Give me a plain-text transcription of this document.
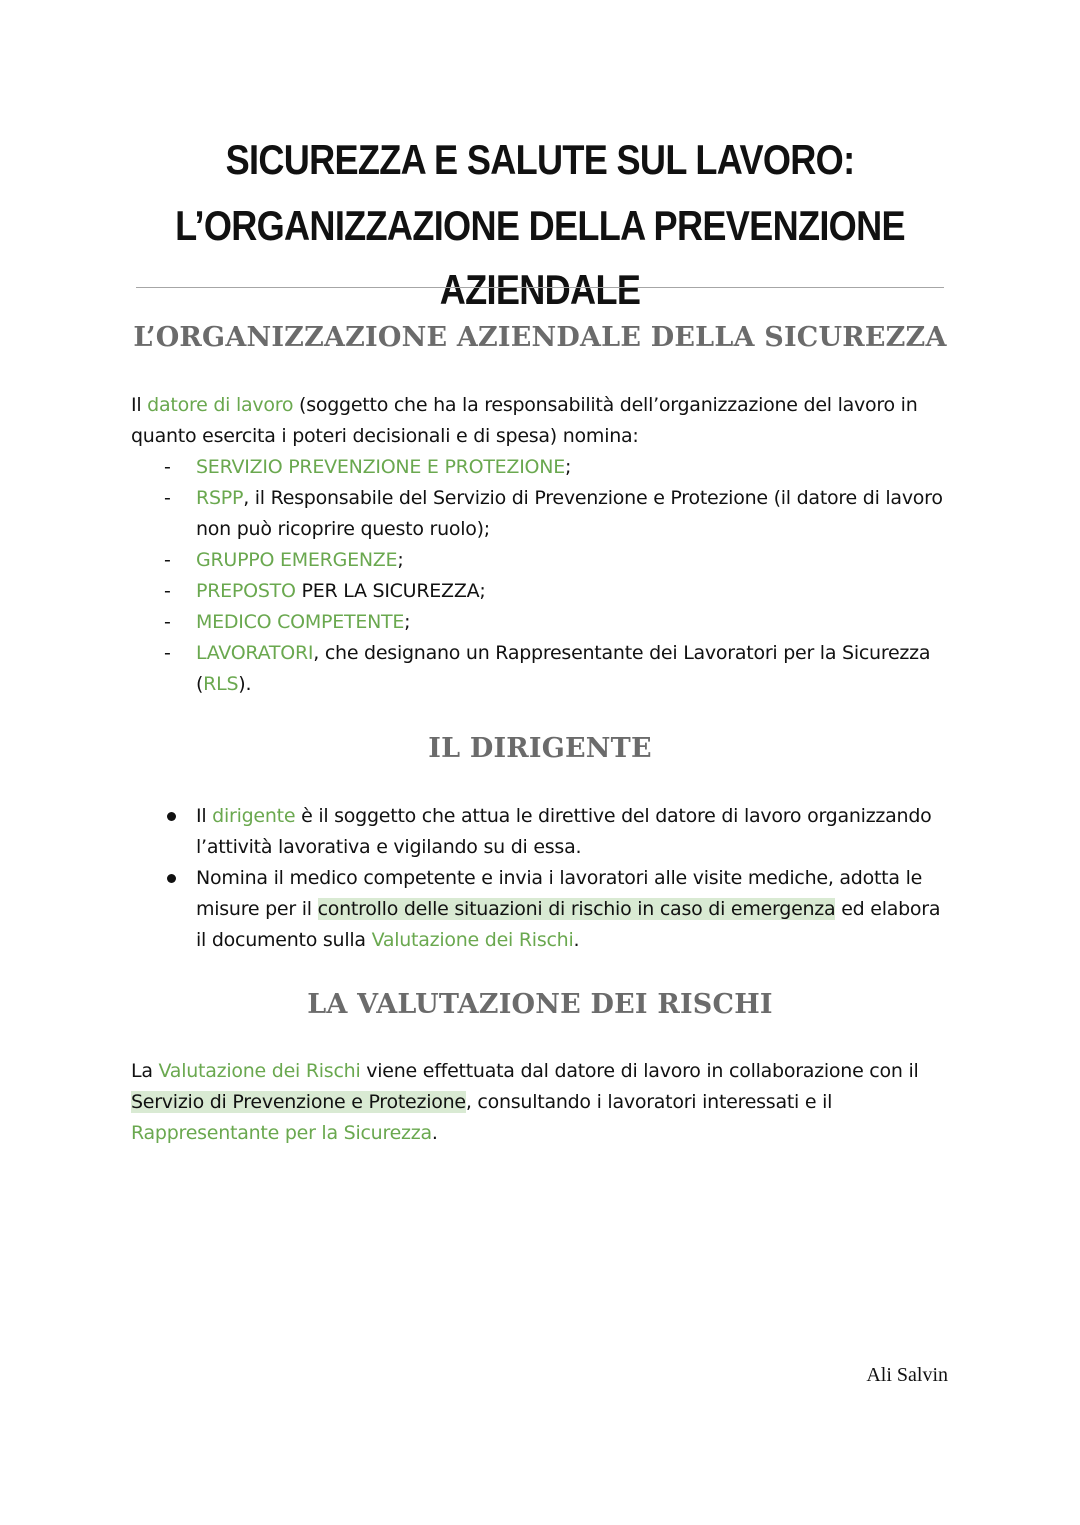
SICUREZZA E SALUTE SUL LAVORO:
L’ORGANIZZAZIONE DELLA PREVENZIONE AZIENDALE
L’ORGANIZZAZIONE AZIENDALE DELLA SICUREZZA

Il datore di lavoro (soggetto che ha la responsabilità dell’organizzazione del lavoro in quanto esercita i poteri decisionali e di spesa) nomina:

- SERVIZIO PREVENZIONE E PROTEZIONE;
- RSPP, il Responsabile del Servizio di Prevenzione e Protezione (il datore di lavoro non può ricoprire questo ruolo);
- GRUPPO EMERGENZE;
- PREPOSTO PER LA SICUREZZA;
- MEDICO COMPETENTE;
- LAVORATORI, che designano un Rappresentante dei Lavoratori per la Sicurezza (RLS).
IL DIRIGENTE
Il dirigente è il soggetto che attua le direttive del datore di lavoro organizzando l’attività lavorativa e vigilando su di essa.
Nomina il medico competente e invia i lavoratori alle visite mediche, adotta le misure per il controllo delle situazioni di rischio in caso di emergenza ed elabora il documento sulla Valutazione dei Rischi.
LA VALUTAZIONE DEI RISCHI

La Valutazione dei Rischi viene effettuata dal datore di lavoro in collaborazione con il Servizio di Prevenzione e Protezione, consultando i lavoratori interessati e il Rappresentante per la Sicurezza.

Ali Salvin
